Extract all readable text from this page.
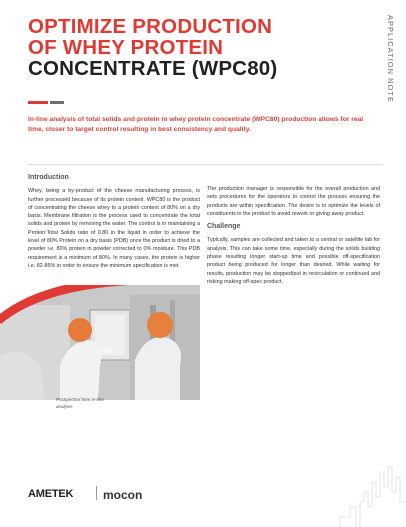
OPTIMIZE PRODUCTION
OF WHEY PROTEIN
CONCENTRATE (WPC80)	APPLICATION NOTE
In-line analysis of total solids and protein in whey protein concentrate (WPC80) production allows for real time, closer to target control resulting in best consistency and quality.
Introduction
Whey, being a by-product of the cheese manufacturing process, is further processed because of its protein content. WPC80 is the product of concentrating the cheese whey to a protein content of 80% on a dry basis. Membrane filtration is the process used to concentrate the total solids and protein by removing the water. The control is in maintaining a Protein:Total Solids ratio of 0.80 in the liquid in order to achieve the level of 80% Protein on a dry basis (PDB) once the product is dried to a powder i.e. 80% protein in powder corrected to 0% moisture. This PDB requirement is a minimum of 80%. In many cases, the protein is higher i.e. 82-85% in order to ensure the minimum specification is met.
The production manager is responsible for the overall production and sets procedures for the operators to control the process ensuring the products are within specification. The desire is to optimize the levels of constituents in the product to avoid rework or giving away product.
Challenge
Typically, samples are collected and taken to a central or satellite lab for analysis. This can take some time, especially during the solids building phase resulting longer start-up time and possible off-specification product being produced for longer than desired. While waiting for results, production may be stopped/put in recirculation or continued and risking making off-spec product.
ProSpectra/ time in-line
analysis
AMETEK mocon
